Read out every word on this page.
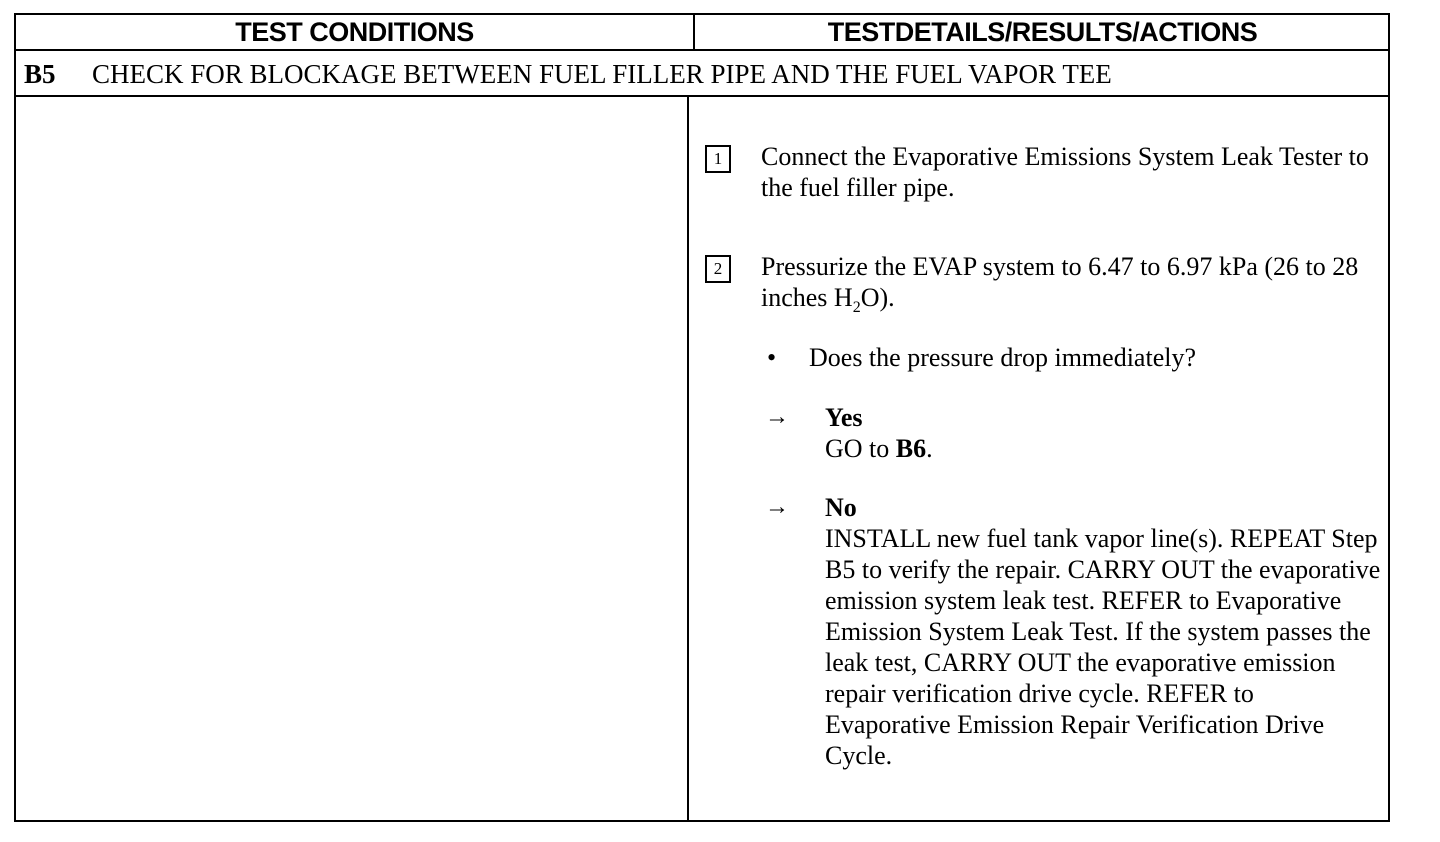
TEST CONDITIONS	TESTDETAILS/RESULTS/ACTIONS
B5 CHECK FOR BLOCKAGE BETWEEN FUEL FILLER PIPE AND THE FUEL VAPOR TEE
1	Connect the Evaporative Emissions System Leak Tester to the fuel filler pipe.
2	Pressurize the EVAP system to 6.47 to 6.97 kPa (26 to 28 inches $H_2O$).
• Does the pressure drop immediately?
→ Yes
GO to B6.
→ No
INSTALL new fuel tank vapor line(s). REPEAT Step B5 to verify the repair. CARRY OUT the evaporative emission system leak test. REFER to Evaporative Emission System Leak Test. If the system passes the leak test, CARRY OUT the evaporative emission repair verification drive cycle. REFER to Evaporative Emission Repair Verification Drive Cycle.
